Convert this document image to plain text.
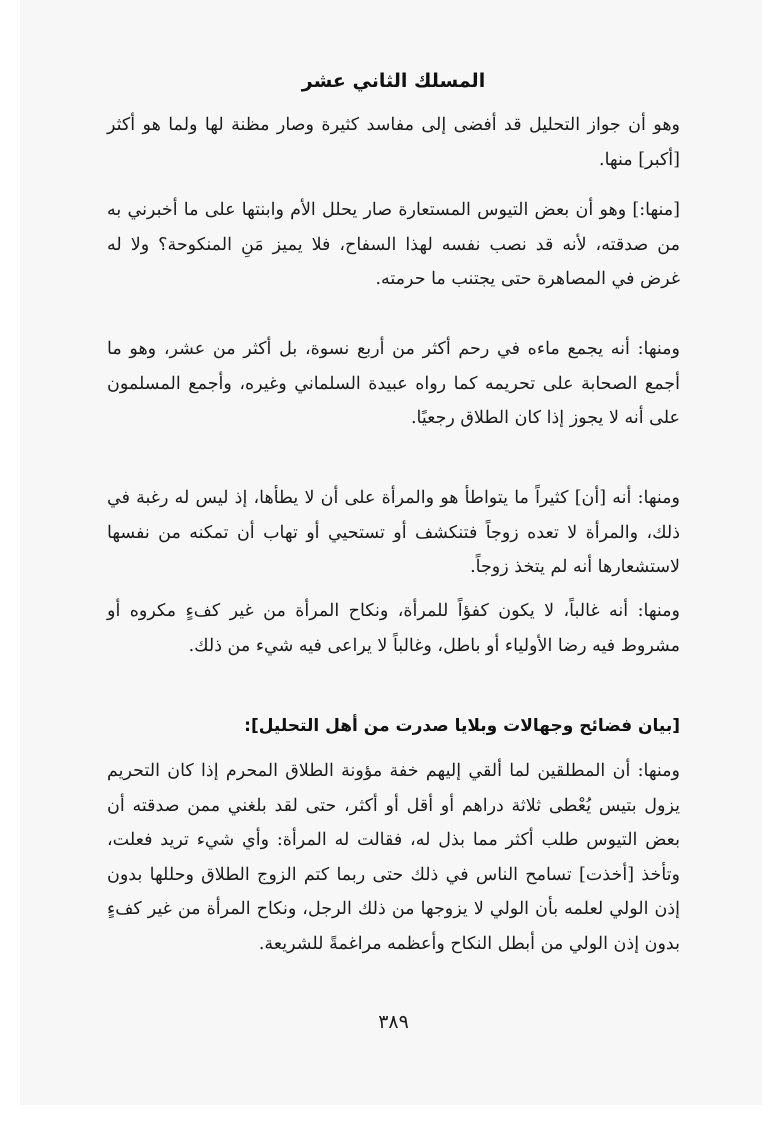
المسلك الثاني عشر

وهو أن جواز التحليل قد أفضى إلى مفاسد كثيرة وصار مظنة لها ولما هو أكثر [أكبر] منها.

[منها:] وهو أن بعض التيوس المستعارة صار يحلل الأم وابنتها على ما أخبرني به من صدقته، لأنه قد نصب نفسه لهذا السفاح، فلا يميز مَنِ المنكوحة؟ ولا له غرض في المصاهرة حتى يجتنب ما حرمته.

ومنها: أنه يجمع ماءه في رحم أكثر من أربع نسوة، بل أكثر من عشر، وهو ما أجمع الصحابة على تحريمه كما رواه عبيدة السلماني وغيره، وأجمع المسلمون على أنه لا يجوز إذا كان الطلاق رجعيًا.

ومنها: أنه [أن] كثيراً ما يتواطأ هو والمرأة على أن لا يطأها، إذ ليس له رغبة في ذلك، والمرأة لا تعده زوجاً فتنكشف أو تستحيي أو تهاب أن تمكنه من نفسها لاستشعارها أنه لم يتخذ زوجاً.

ومنها: أنه غالباً، لا يكون كفؤاً للمرأة، ونكاح المرأة من غير كفءٍ مكروه أو مشروط فيه رضا الأولياء أو باطل، وغالباً لا يراعى فيه شيء من ذلك.

[بيان فضائح وجهالات وبلايا صدرت من أهل التحليل]:

ومنها: أن المطلقين لما ألقي إليهم خفة مؤونة الطلاق المحرم إذا كان التحريم يزول بتيس يُعْطى ثلاثة دراهم أو أقل أو أكثر، حتى لقد بلغني ممن صدقته أن بعض التيوس طلب أكثر مما بذل له، فقالت له المرأة: وأي شيء تريد فعلت، وتأخذ [أخذت] تسامح الناس في ذلك حتى ربما كتم الزوج الطلاق وحللها بدون إذن الولي لعلمه بأن الولي لا يزوجها من ذلك الرجل، ونكاح المرأة من غير كفءٍ بدون إذن الولي من أبطل النكاح وأعظمه مراغمةً للشريعة.

٣٨٩
